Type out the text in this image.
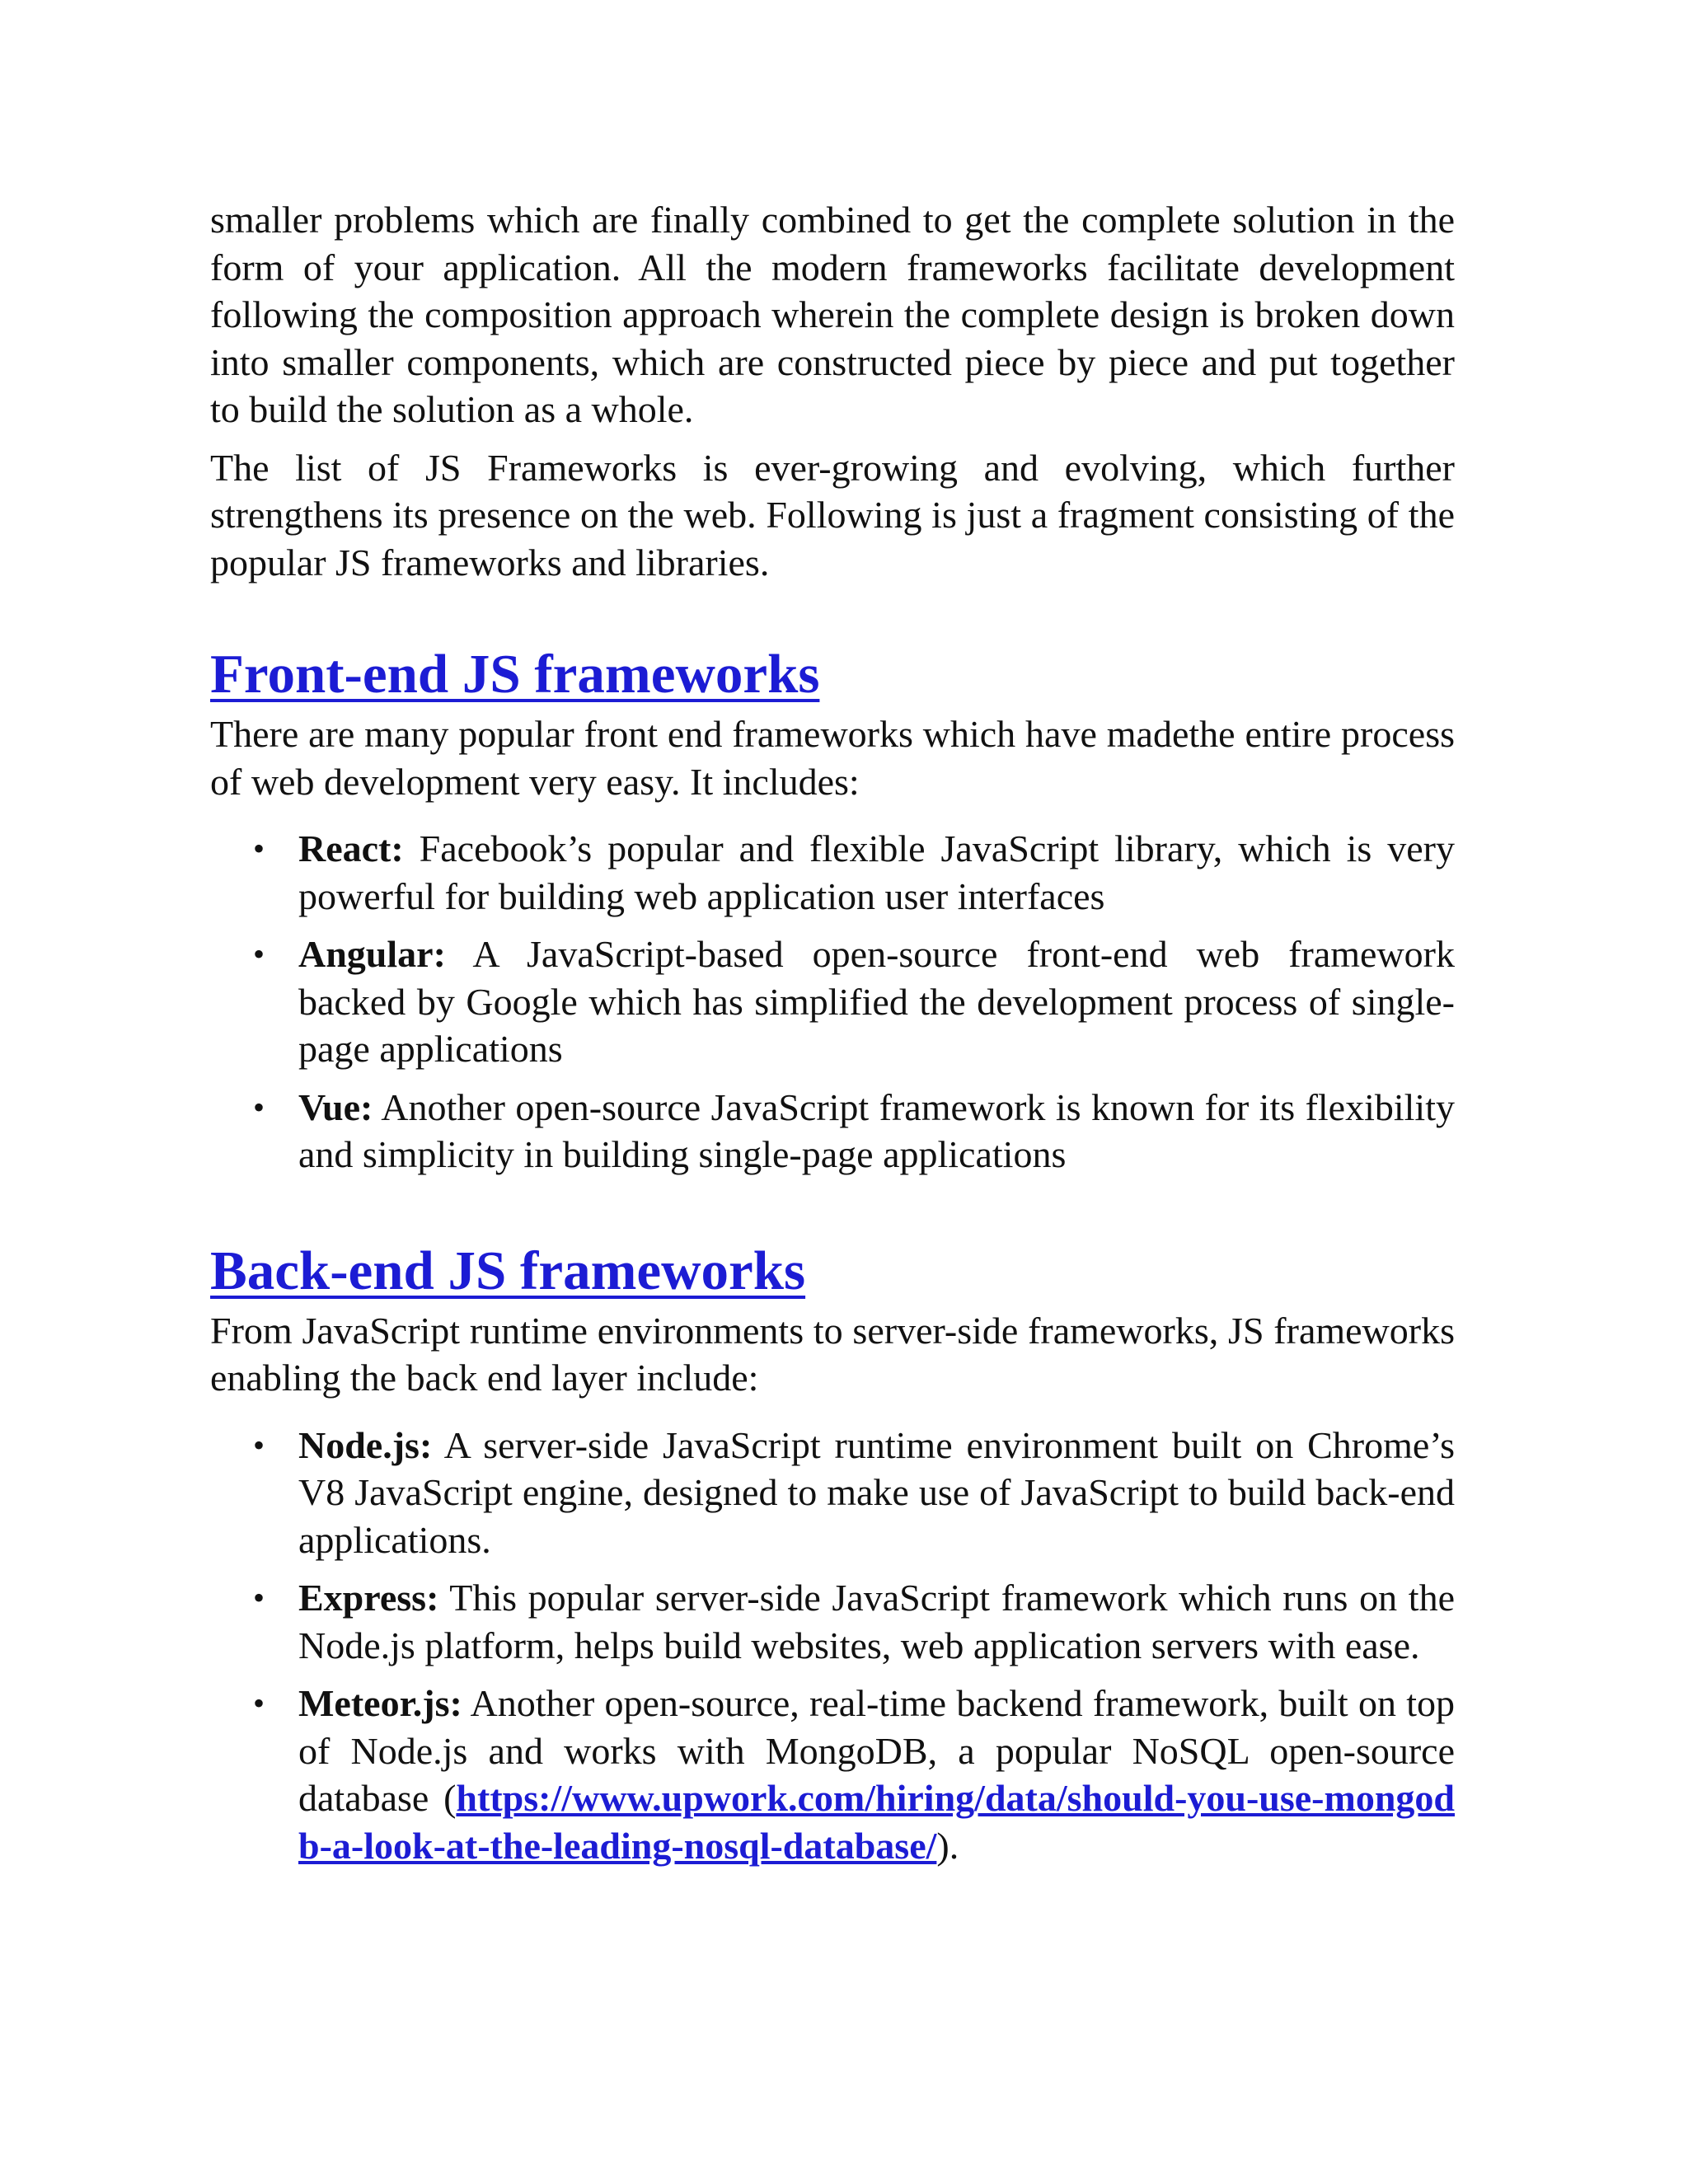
smaller problems which are finally combined to get the complete solution in the form of your application. All the modern frameworks facilitate development following the composition approach wherein the complete design is broken down into smaller components, which are constructed piece by piece and put together to build the solution as a whole.

The list of JS Frameworks is ever-growing and evolving, which further strengthens its presence on the web. Following is just a fragment consisting of the popular JS frameworks and libraries.

Front-end JS frameworks

There are many popular front end frameworks which have madethe entire process of web development very easy. It includes:

• React: Facebook’s popular and flexible JavaScript library, which is very powerful for building web application user interfaces
• Angular: A JavaScript-based open-source front-end web framework backed by Google which has simplified the development process of single-page applications
• Vue: Another open-source JavaScript framework is known for its flexibility and simplicity in building single-page applications
Back-end JS frameworks

From JavaScript runtime environments to server-side frameworks, JS frameworks enabling the back end layer include:

• Node.js: A server-side JavaScript runtime environment built on Chrome’s V8 JavaScript engine, designed to make use of JavaScript to build back-end applications.
• Express: This popular server-side JavaScript framework which runs on the Node.js platform, helps build websites, web application servers with ease.
• Meteor.js: Another open-source, real-time backend framework, built on top of Node.js and works with MongoDB, a popular NoSQL open-source database (https://www.upwork.com/hiring/data/should-you-use-mongodb-a-look-at-the-leading-nosql-database/).
